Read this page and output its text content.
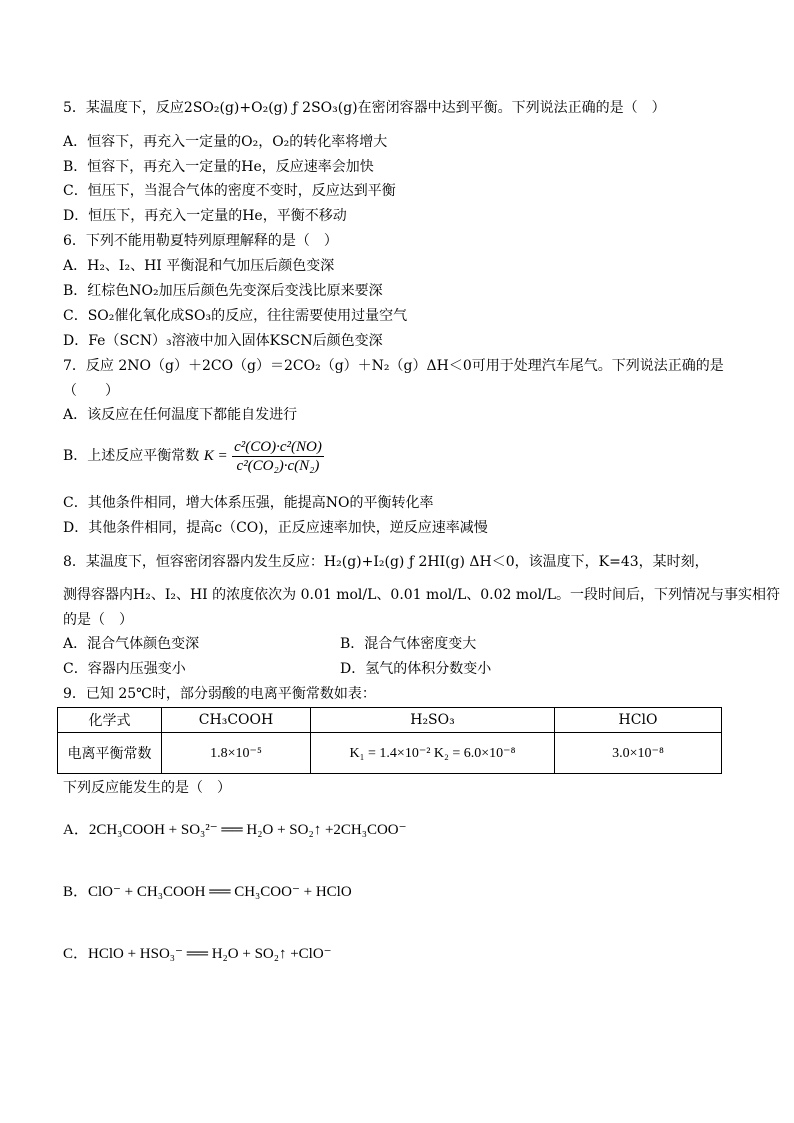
5．某温度下，反应2SO₂(g)+O₂(g) ƒ 2SO₃(g)在密闭容器中达到平衡。下列说法正确的是（　）
A．恒容下，再充入一定量的O₂，O₂的转化率将增大
B．恒容下，再充入一定量的He，反应速率会加快
C．恒压下，当混合气体的密度不变时，反应达到平衡
D．恒压下，再充入一定量的He，平衡不移动
6．下列不能用勒夏特列原理解释的是（　）
A．H₂、I₂、HI 平衡混和气加压后颜色变深
B．红棕色NO₂加压后颜色先变深后变浅比原来要深
C．SO₂催化氧化成SO₃的反应，往往需要使用过量空气
D．Fe（SCN）₃溶液中加入固体KSCN后颜色变深
7．反应 2NO（g）＋2CO（g）＝2CO₂（g）＋N₂（g）ΔH＜0可用于处理汽车尾气。下列说法正确的是
（　　）
A．该反应在任何温度下都能自发进行
B．上述反应平衡常数 $K = \frac{\text{c²(CO)·c²(NO)}}{\text{c²(CO₂)·c(N₂)}}$
C．其他条件相同，增大体系压强，能提高NO的平衡转化率
D．其他条件相同，提高c（CO)，正反应速率加快，逆反应速率减慢
8．某温度下，恒容密闭容器内发生反应：H₂(g)+I₂(g) ƒ 2HI(g) ΔH＜0，该温度下，K=43，某时刻，
测得容器内H₂、I₂、HI 的浓度依次为 0.01 mol/L、0.01 mol/L、0.02 mol/L。一段时间后，下列情况与事实相符
的是（　）
A．混合气体颜色变深	B．混合气体密度变大
C．容器内压强变小	D．氢气的体积分数变小
9．已知 25℃时，部分弱酸的电离平衡常数如表：
化学式	CH₃COOH	H₂SO₃	HClO
电离平衡常数	1.8×10⁻⁵	K₁ = 1.4×10⁻² K₂ = 6.0×10⁻⁸	3.0×10⁻⁸
下列反应能发生的是（　）
A．2CH₃COOH + SO₃²⁻ ══ H₂O + SO₂↑ +2CH₃COO⁻
B．ClO⁻ + CH₃COOH ══ CH₃COO⁻ + HClO
C．HClO + HSO₃⁻ ══ H₂O + SO₂↑ +ClO⁻
